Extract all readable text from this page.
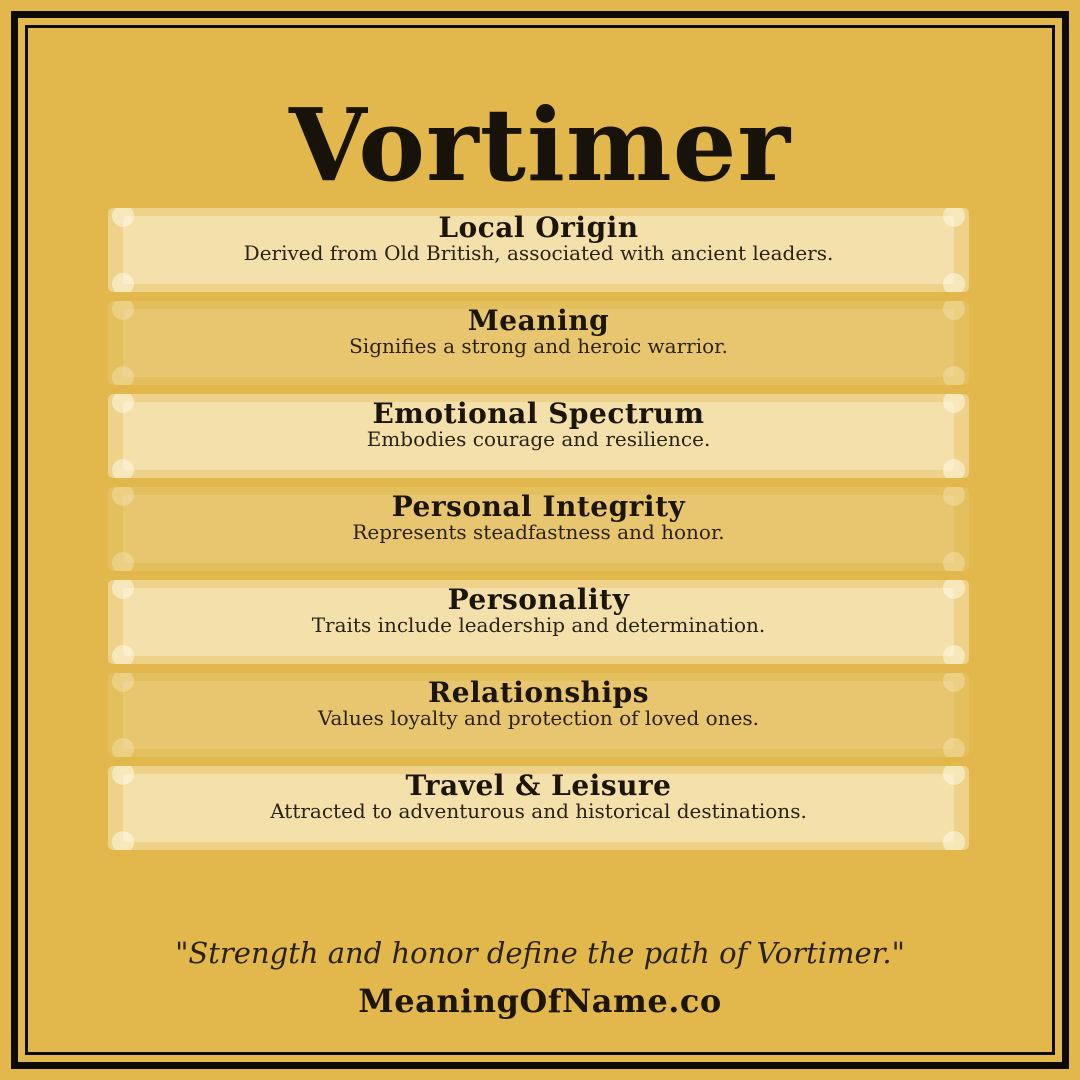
Vortimer
Local Origin

Derived from Old British, associated with ancient leaders.

Meaning

Signifies a strong and heroic warrior.

Emotional Spectrum

Embodies courage and resilience.

Personal Integrity

Represents steadfastness and honor.

Personality

Traits include leadership and determination.

Relationships

Values loyalty and protection of loved ones.

Travel & Leisure

Attracted to adventurous and historical destinations.

"Strength and honor define the path of Vortimer."
MeaningOfName.co
